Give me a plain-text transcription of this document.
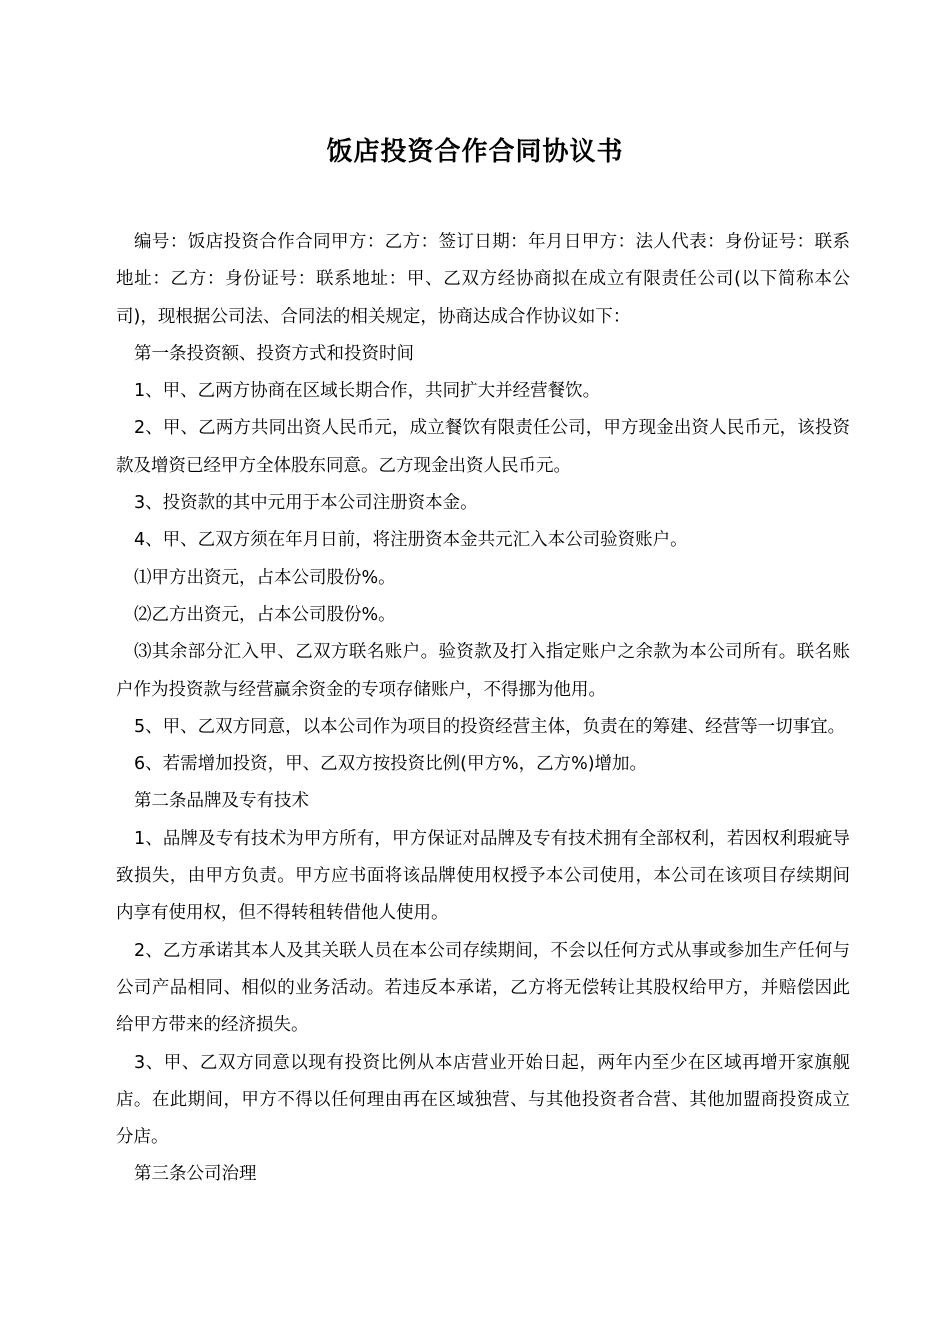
饭店投资合作合同协议书

编号：饭店投资合作合同甲方：乙方：签订日期：年月日甲方：法人代表：身份证号：联系地址：乙方：身份证号：联系地址：甲、乙双方经协商拟在成立有限责任公司(以下简称本公司)，现根据公司法、合同法的相关规定，协商达成合作协议如下：

第一条投资额、投资方式和投资时间

1、甲、乙两方协商在区域长期合作，共同扩大并经营餐饮。

2、甲、乙两方共同出资人民币元，成立餐饮有限责任公司，甲方现金出资人民币元，该投资款及增资已经甲方全体股东同意。乙方现金出资人民币元。

3、投资款的其中元用于本公司注册资本金。

4、甲、乙双方须在年月日前，将注册资本金共元汇入本公司验资账户。

⑴甲方出资元，占本公司股份%。

⑵乙方出资元，占本公司股份%。

⑶其余部分汇入甲、乙双方联名账户。验资款及打入指定账户之余款为本公司所有。联名账户作为投资款与经营赢余资金的专项存储账户，不得挪为他用。

5、甲、乙双方同意，以本公司作为项目的投资经营主体，负责在的筹建、经营等一切事宜。

6、若需增加投资，甲、乙双方按投资比例(甲方%，乙方%)增加。

第二条品牌及专有技术

1、品牌及专有技术为甲方所有，甲方保证对品牌及专有技术拥有全部权利，若因权利瑕疵导致损失，由甲方负责。甲方应书面将该品牌使用权授予本公司使用，本公司在该项目存续期间内享有使用权，但不得转租转借他人使用。

2、乙方承诺其本人及其关联人员在本公司存续期间，不会以任何方式从事或参加生产任何与公司产品相同、相似的业务活动。若违反本承诺，乙方将无偿转让其股权给甲方，并赔偿因此给甲方带来的经济损失。

3、甲、乙双方同意以现有投资比例从本店营业开始日起，两年内至少在区域再增开家旗舰店。在此期间，甲方不得以任何理由再在区域独营、与其他投资者合营、其他加盟商投资成立分店。

第三条公司治理
